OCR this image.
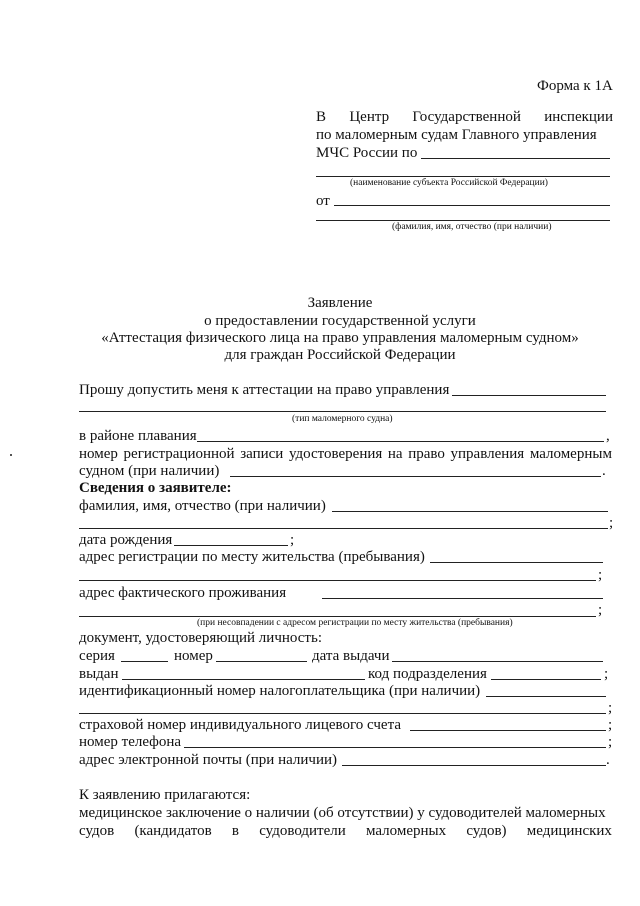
Форма к 1А
В Центр Государственной инспекции
по маломерным судам Главного управления
МЧС России по
(наименование субъекта Российской Федерации)
от
(фамилия, имя, отчество (при наличии)
Заявление
о предоставлении государственной услуги
«Аттестация физического лица на право управления маломерным судном»
для граждан Российской Федерации
Прошу допустить меня к аттестации на право управления
(тип маломерного судна)
в районе плавания	,
номер регистрационной записи удостоверения на право управления маломерным
судном (при наличии)	.
Сведения о заявителе:
фамилия, имя, отчество (при наличии)
;
дата рождения	;
адрес регистрации по месту жительства (пребывания)
;
адрес фактического проживания
;
(при несовпадении с адресом регистрации по месту жительства (пребывания)
документ, удостоверяющий личность:
серия	номер	дата выдачи
выдан	код подразделения	;
идентификационный номер налогоплательщика (при наличии)
;
страховой номер индивидуального лицевого счета	;
номер телефона	;
адрес электронной почты (при наличии)	.
К заявлению прилагаются:
медицинское заключение о наличии (об отсутствии) у судоводителей маломерных
судов (кандидатов в судоводители маломерных судов) медицинских
